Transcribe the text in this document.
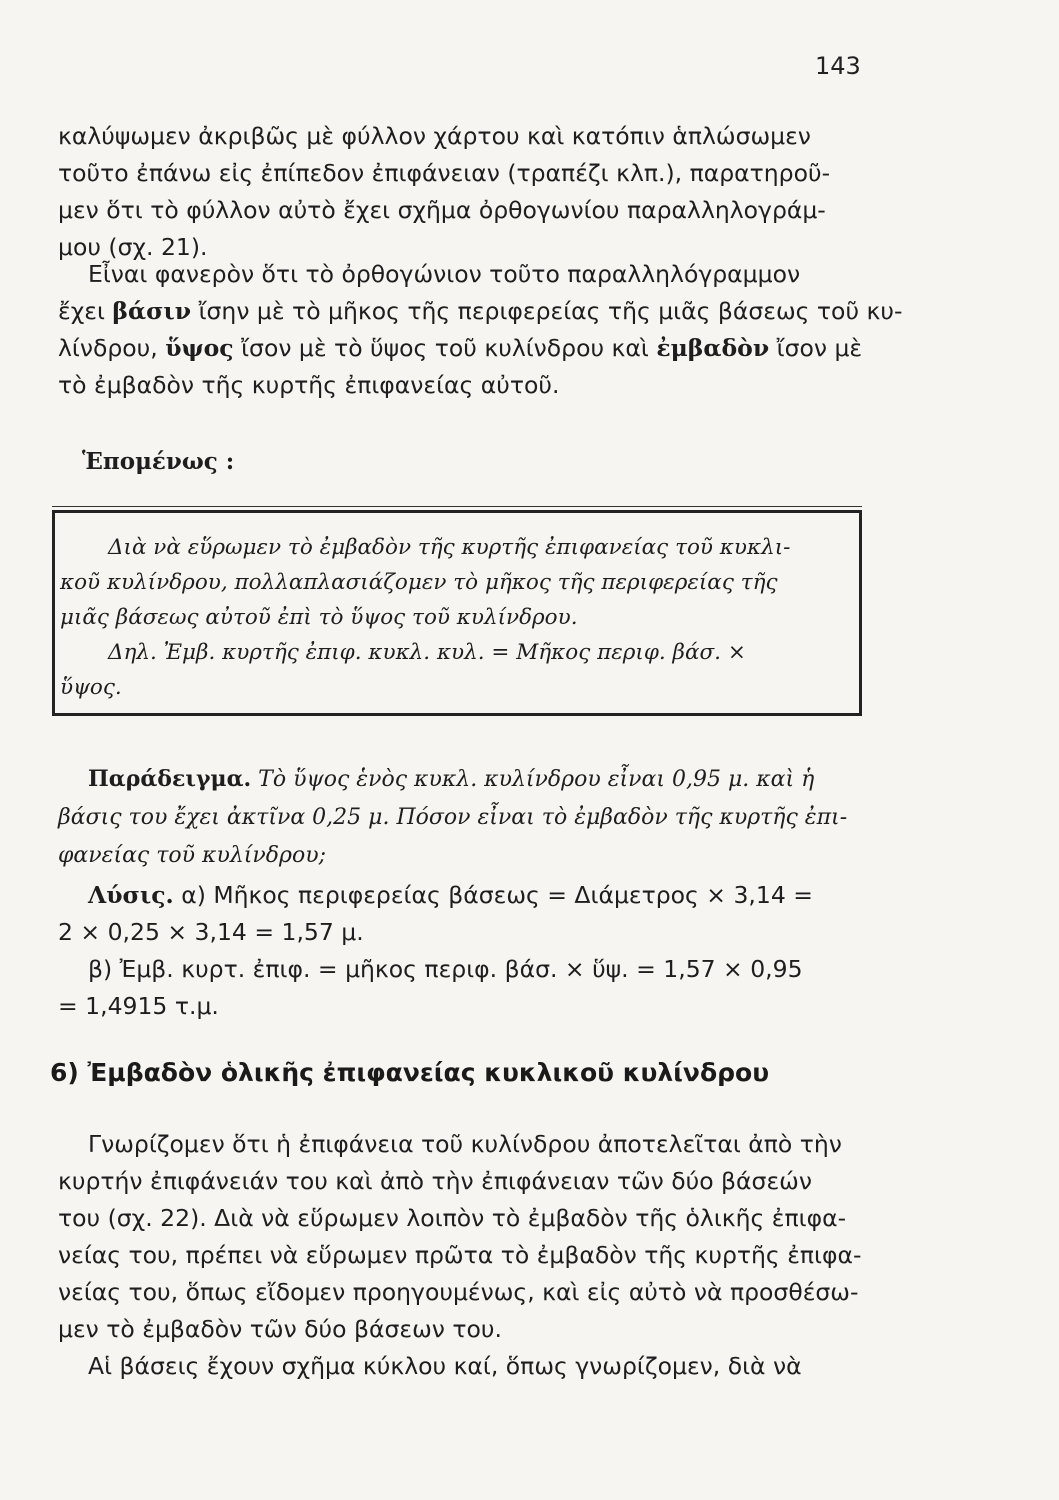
143
καλύψωμεν ἀκριβῶς μὲ φύλλον χάρτου καὶ κατόπιν ἁπλώσωμεν
τοῦτο ἐπάνω εἰς ἐπίπεδον ἐπιφάνειαν (τραπέζι κλπ.), παρατηροῦ-
μεν ὅτι τὸ φύλλον αὐτὸ ἔχει σχῆμα ὀρθογωνίου παραλληλογράμ-
μου (σχ. 21).
Εἶναι φανερὸν ὅτι τὸ ὀρθογώνιον τοῦτο παραλληλόγραμμον
ἔχει βάσιν ἴσην μὲ τὸ μῆκος τῆς περιφερείας τῆς μιᾶς βάσεως τοῦ κυ-
λίνδρου, ὕψος ἴσον μὲ τὸ ὕψος τοῦ κυλίνδρου καὶ ἐμβαδὸν ἴσον μὲ
τὸ ἐμβαδὸν τῆς κυρτῆς ἐπιφανείας αὐτοῦ.
Ἑπομένως :
Διὰ νὰ εὕρωμεν τὸ ἐμβαδὸν τῆς κυρτῆς ἐπιφανείας τοῦ κυκλι-
κοῦ κυλίνδρου, πολλαπλασιάζομεν τὸ μῆκος τῆς περιφερείας τῆς
μιᾶς βάσεως αὐτοῦ ἐπὶ τὸ ὕψος τοῦ κυλίνδρου.
Δηλ. Ἐμβ. κυρτῆς ἐπιφ. κυκλ. κυλ. = Μῆκος περιφ. βάσ. ×
ὕψος.
Παράδειγμα. Τὸ ὕψος ἑνὸς κυκλ. κυλίνδρου εἶναι 0,95 μ. καὶ ἡ
βάσις του ἔχει ἀκτῖνα 0,25 μ. Πόσον εἶναι τὸ ἐμβαδὸν τῆς κυρτῆς ἐπι-
φανείας τοῦ κυλίνδρου;
Λύσις. α) Μῆκος περιφερείας βάσεως = Διάμετρος × 3,14 =
2 × 0,25 × 3,14 = 1,57 μ.
β) Ἐμβ. κυρτ. ἐπιφ. = μῆκος περιφ. βάσ. × ὕψ. = 1,57 × 0,95
= 1,4915 τ.μ.
6) Ἐμβαδὸν ὁλικῆς ἐπιφανείας κυκλικοῦ κυλίνδρου
Γνωρίζομεν ὅτι ἡ ἐπιφάνεια τοῦ κυλίνδρου ἀποτελεῖται ἀπὸ τὴν
κυρτήν ἐπιφάνειάν του καὶ ἀπὸ τὴν ἐπιφάνειαν τῶν δύο βάσεών
του (σχ. 22). Διὰ νὰ εὕρωμεν λοιπὸν τὸ ἐμβαδὸν τῆς ὁλικῆς ἐπιφα-
νείας του, πρέπει νὰ εὕρωμεν πρῶτα τὸ ἐμβαδὸν τῆς κυρτῆς ἐπιφα-
νείας του, ὅπως εἴδομεν προηγουμένως, καὶ εἰς αὐτὸ νὰ προσθέσω-
μεν τὸ ἐμβαδὸν τῶν δύο βάσεων του.
Αἱ βάσεις ἔχουν σχῆμα κύκλου καί, ὅπως γνωρίζομεν, διὰ νὰ
